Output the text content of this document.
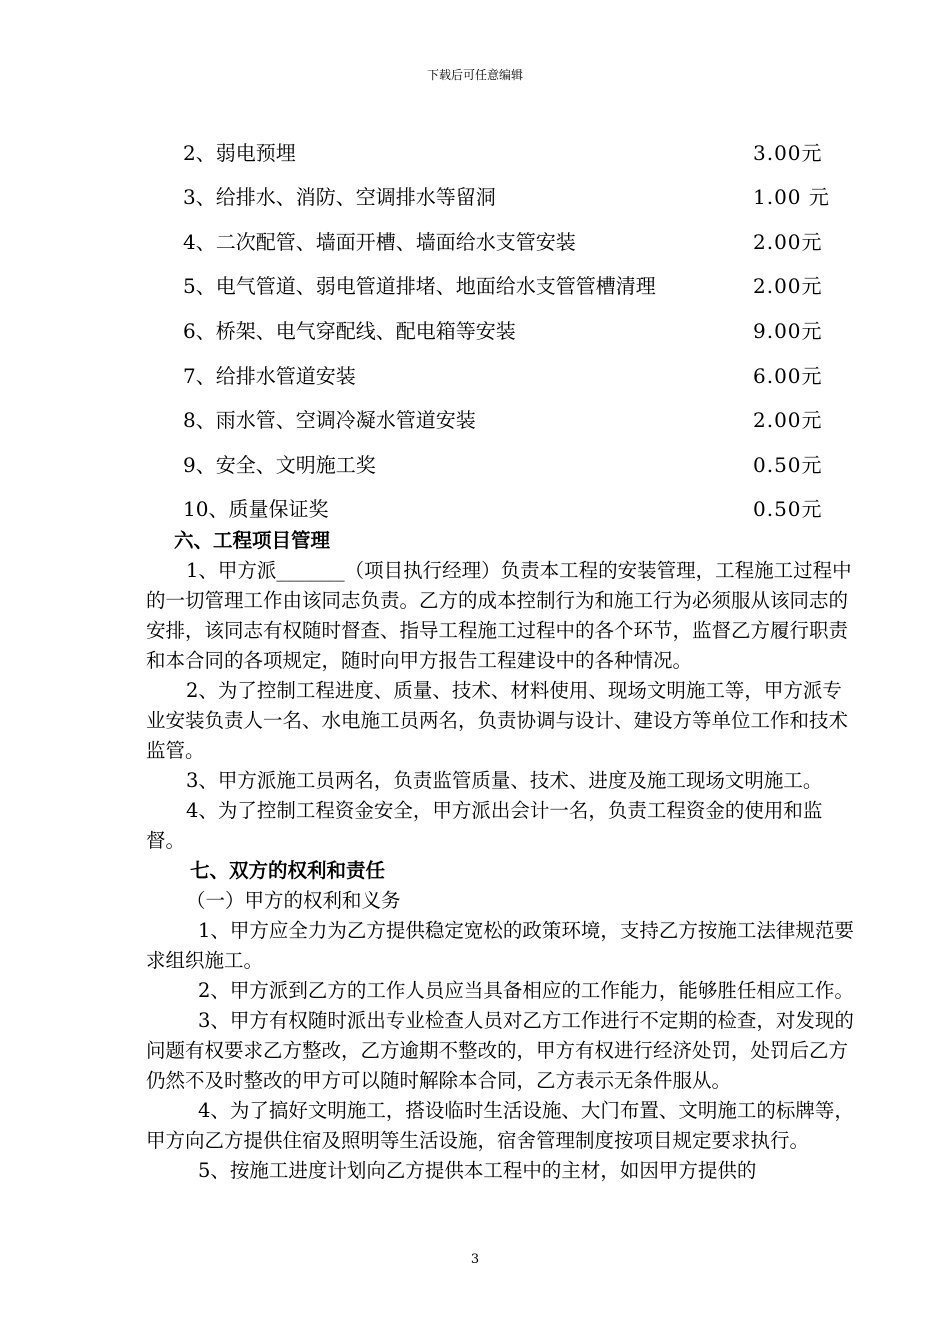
下载后可任意编辑
2、弱电预埋	3.00元
3、给排水、消防、空调排水等留洞	1.00 元
4、二次配管、墙面开槽、墙面给水支管安装	2.00元
5、电气管道、弱电管道排堵、地面给水支管管槽清理	2.00元
6、桥架、电气穿配线、配电箱等安装	9.00元
7、给排水管道安装	6.00元
8、雨水管、空调冷凝水管道安装	2.00元
9、安全、文明施工奖	0.50元
10、质量保证奖	0.50元

六、工程项目管理

1、甲方派_______（项目执行经理）负责本工程的安装管理，工程施工过程中的一切管理工作由该同志负责。乙方的成本控制行为和施工行为必须服从该同志的安排，该同志有权随时督查、指导工程施工过程中的各个环节，监督乙方履行职责和本合同的各项规定，随时向甲方报告工程建设中的各种情况。

2、为了控制工程进度、质量、技术、材料使用、现场文明施工等，甲方派专业安装负责人一名、水电施工员两名，负责协调与设计、建设方等单位工作和技术监管。

3、甲方派施工员两名，负责监管质量、技术、进度及施工现场文明施工。

4、为了控制工程资金安全，甲方派出会计一名，负责工程资金的使用和监督。

七、双方的权利和责任

（一）甲方的权利和义务

1、甲方应全力为乙方提供稳定宽松的政策环境，支持乙方按施工法律规范要求组织施工。

2、甲方派到乙方的工作人员应当具备相应的工作能力，能够胜任相应工作。

3、甲方有权随时派出专业检查人员对乙方工作进行不定期的检查，对发现的问题有权要求乙方整改，乙方逾期不整改的，甲方有权进行经济处罚，处罚后乙方仍然不及时整改的甲方可以随时解除本合同，乙方表示无条件服从。

4、为了搞好文明施工，搭设临时生活设施、大门布置、文明施工的标牌等，甲方向乙方提供住宿及照明等生活设施，宿舍管理制度按项目规定要求执行。

5、按施工进度计划向乙方提供本工程中的主材，如因甲方提供的

3
